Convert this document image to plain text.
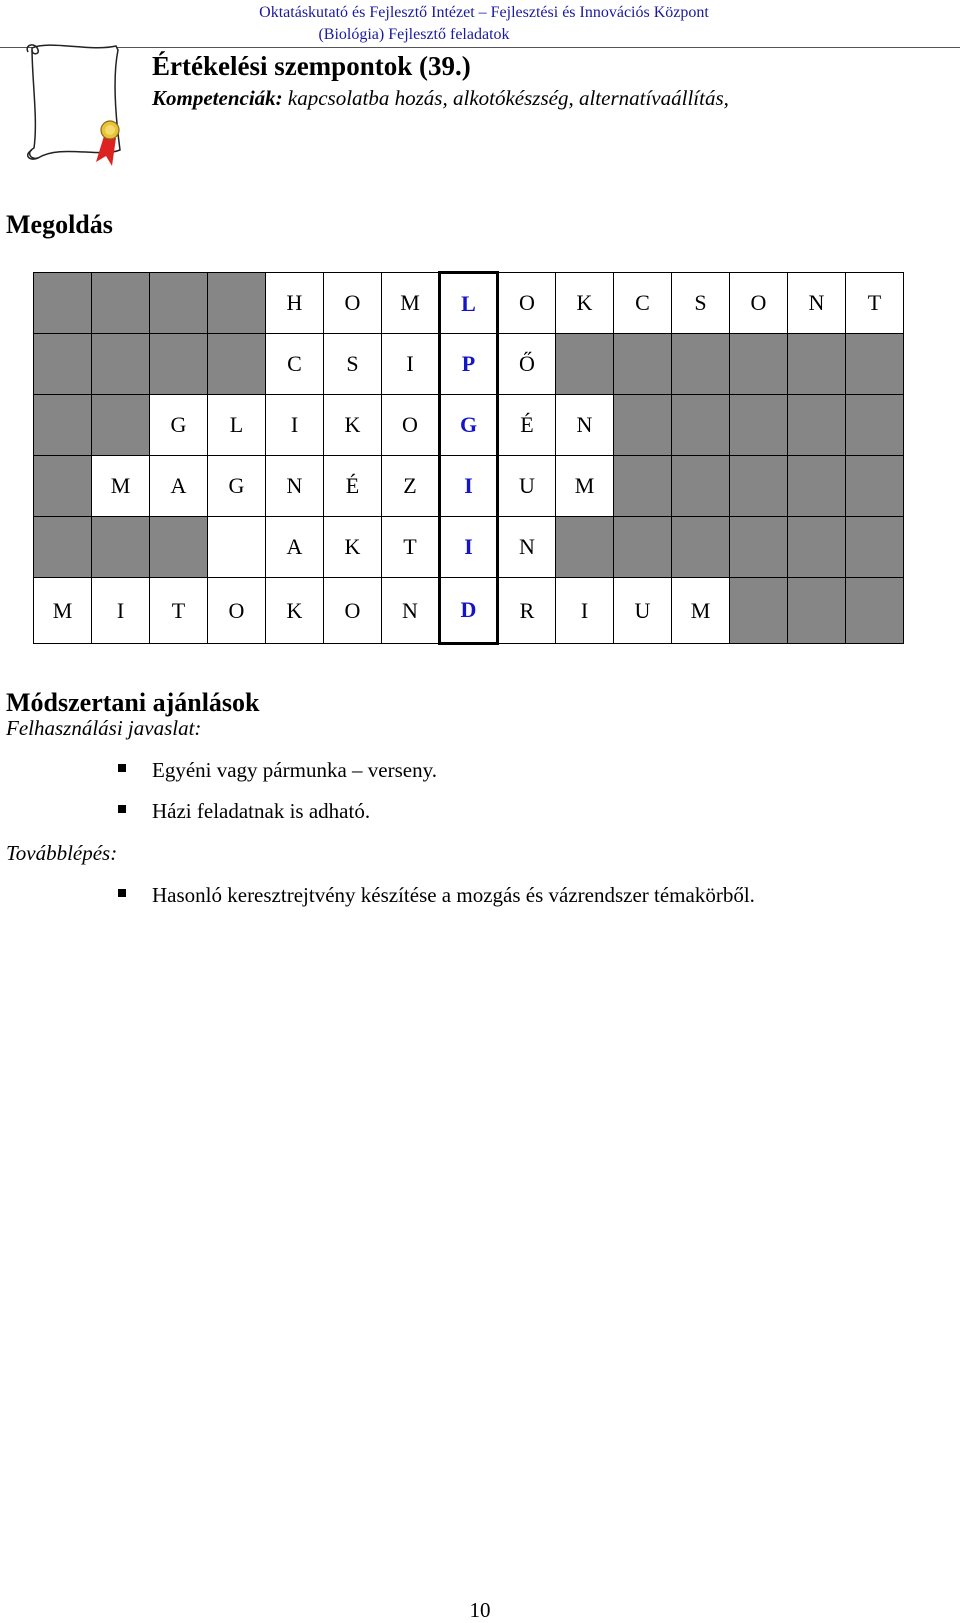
Oktatáskutató és Fejlesztő Intézet – Fejlesztési és Innovációs Központ
(Biológia) Fejlesztő feladatok
Értékelési szempontok (39.)
Kompetenciák: kapcsolatba hozás, alkotókészség, alternatívaállítás,
Megoldás
				H	O	M	L	O	K	C	S	O	N	T
				C	S	I	P	Ő						
		G	L	I	K	O	G	É	N					
	M	A	G	N	É	Z	I	U	M					
				A	K	T	I	N						
M	I	T	O	K	O	N	D	R	I	U	M			
Módszertani ajánlások
Felhasználási javaslat:
Egyéni vagy pármunka – verseny.
Házi feladatnak is adható.
Továbblépés:
Hasonló keresztrejtvény készítése a mozgás és vázrendszer témakörből.
10
